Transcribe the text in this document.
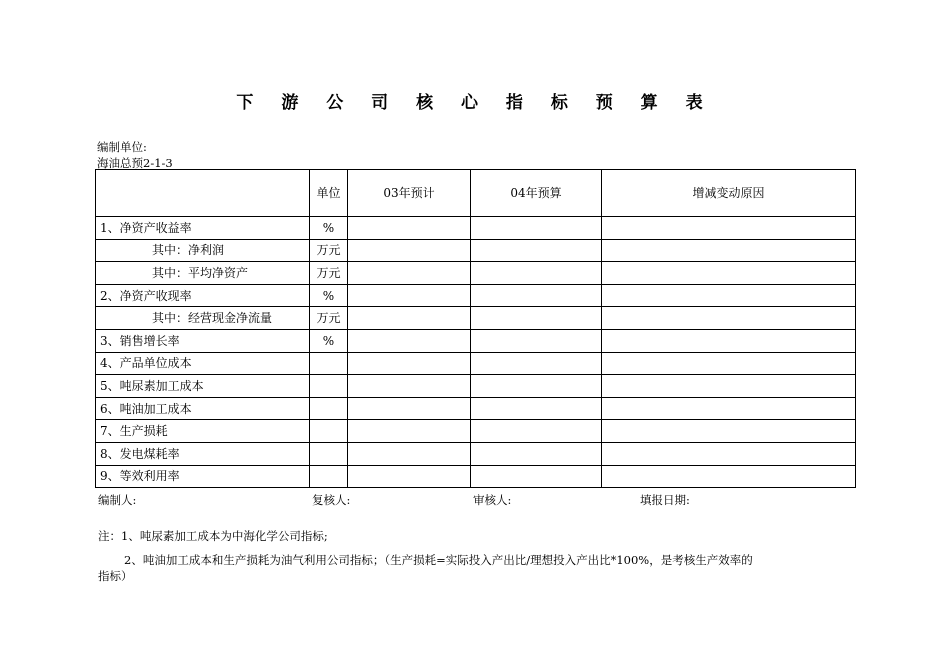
下 游 公 司 核 心 指 标 预 算 表
编制单位:
海油总预2-1-3
	单位	03年预计	04年预算	增减变动原因
1、净资产收益率	%			
其中：净利润	万元			
其中：平均净资产	万元			
2、净资产收现率	%			
其中：经营现金净流量	万元			
3、销售增长率	%			
4、产品单位成本				
5、吨尿素加工成本				
6、吨油加工成本				
7、生产损耗				
8、发电煤耗率				
9、等效利用率				
编制人:	复核人:	审核人:	填报日期:
注：1、吨尿素加工成本为中海化学公司指标;
2、吨油加工成本和生产损耗为油气利用公司指标；（生产损耗=实际投入产出比/理想投入产出比*100%，是考核生产效率的
指标）
